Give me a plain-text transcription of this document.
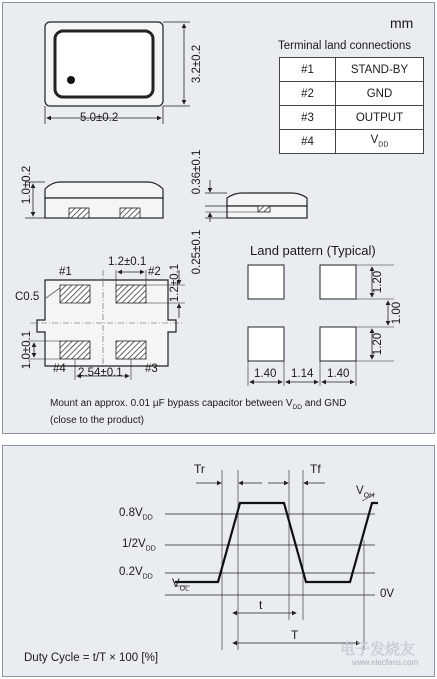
mm
Terminal land connections
#1	STAND-BY
#2	GND
#3	OUTPUT
#4	$V_{DD}$
5.0±0.2
3.2±0.2
1.0±0.2	0.36±0.1
0.25±0.1
1.2±0.1
1.2±0.1
1.0±0.1
2.54±0.1
C0.5
#1	#2
#3
#4
Land pattern (Typical)
1.20
1.00
1.20
1.40 1.14 1.40
Mount an approx. 0.01 µF bypass capacitor between $V_{DD}$ and GND
(close to the product)
Tr	Tf
$0.8V_{DD}$
$1/2V_{DD}$
$0.2V_{DD}$
$V_{OL}$
$V_{OH}$
0V
t
T
Duty Cycle = t/T × 100 [%]	电子发烧友
www.elecfans.com
